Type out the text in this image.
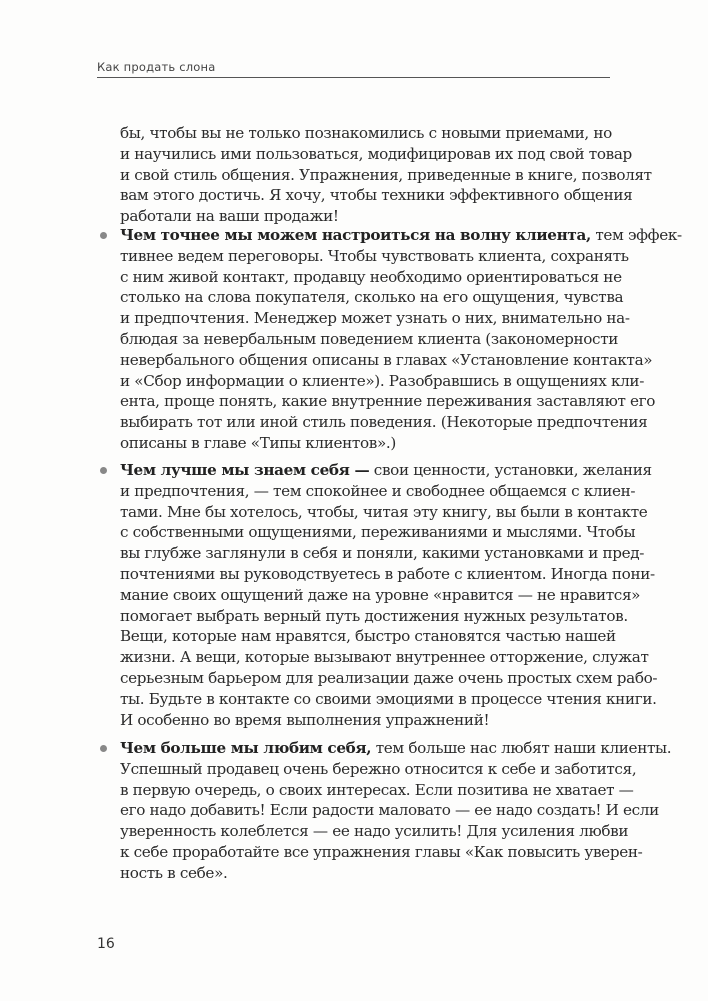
Как продать слона
бы, чтобы вы не только познакомились с новыми приемами, но
и научились ими пользоваться, модифицировав их под свой товар
и свой стиль общения. Упражнения, приведенные в книге, позволят
вам этого достичь. Я хочу, чтобы техники эффективного общения
работали на ваши продажи!
Чем точнее мы можем настроиться на волну клиента, тем эффек-
тивнее ведем переговоры. Чтобы чувствовать клиента, сохранять
с ним живой контакт, продавцу необходимо ориентироваться не
столько на слова покупателя, сколько на его ощущения, чувства
и предпочтения. Менеджер может узнать о них, внимательно на-
блюдая за невербальным поведением клиента (закономерности
невербального общения описаны в главах «Установление контакта»
и «Сбор информации о клиенте»). Разобравшись в ощущениях кли-
ента, проще понять, какие внутренние переживания заставляют его
выбирать тот или иной стиль поведения. (Некоторые предпочтения
описаны в главе «Типы клиентов».)
Чем лучше мы знаем себя — свои ценности, установки, желания
и предпочтения, — тем спокойнее и свободнее общаемся с клиен-
тами. Мне бы хотелось, чтобы, читая эту книгу, вы были в контакте
с собственными ощущениями, переживаниями и мыслями. Чтобы
вы глубже заглянули в себя и поняли, какими установками и пред-
почтениями вы руководствуетесь в работе с клиентом. Иногда пони-
мание своих ощущений даже на уровне «нравится — не нравится»
помогает выбрать верный путь достижения нужных результатов.
Вещи, которые нам нравятся, быстро становятся частью нашей
жизни. А вещи, которые вызывают внутреннее отторжение, служат
серьезным барьером для реализации даже очень простых схем рабо-
ты. Будьте в контакте со своими эмоциями в процессе чтения книги.
И особенно во время выполнения упражнений!
Чем больше мы любим себя, тем больше нас любят наши клиенты.
Успешный продавец очень бережно относится к себе и заботится,
в первую очередь, о своих интересах. Если позитива не хватает —
его надо добавить! Если радости маловато — ее надо создать! И если
уверенность колеблется — ее надо усилить! Для усиления любви
к себе проработайте все упражнения главы «Как повысить уверен-
ность в себе».
16
